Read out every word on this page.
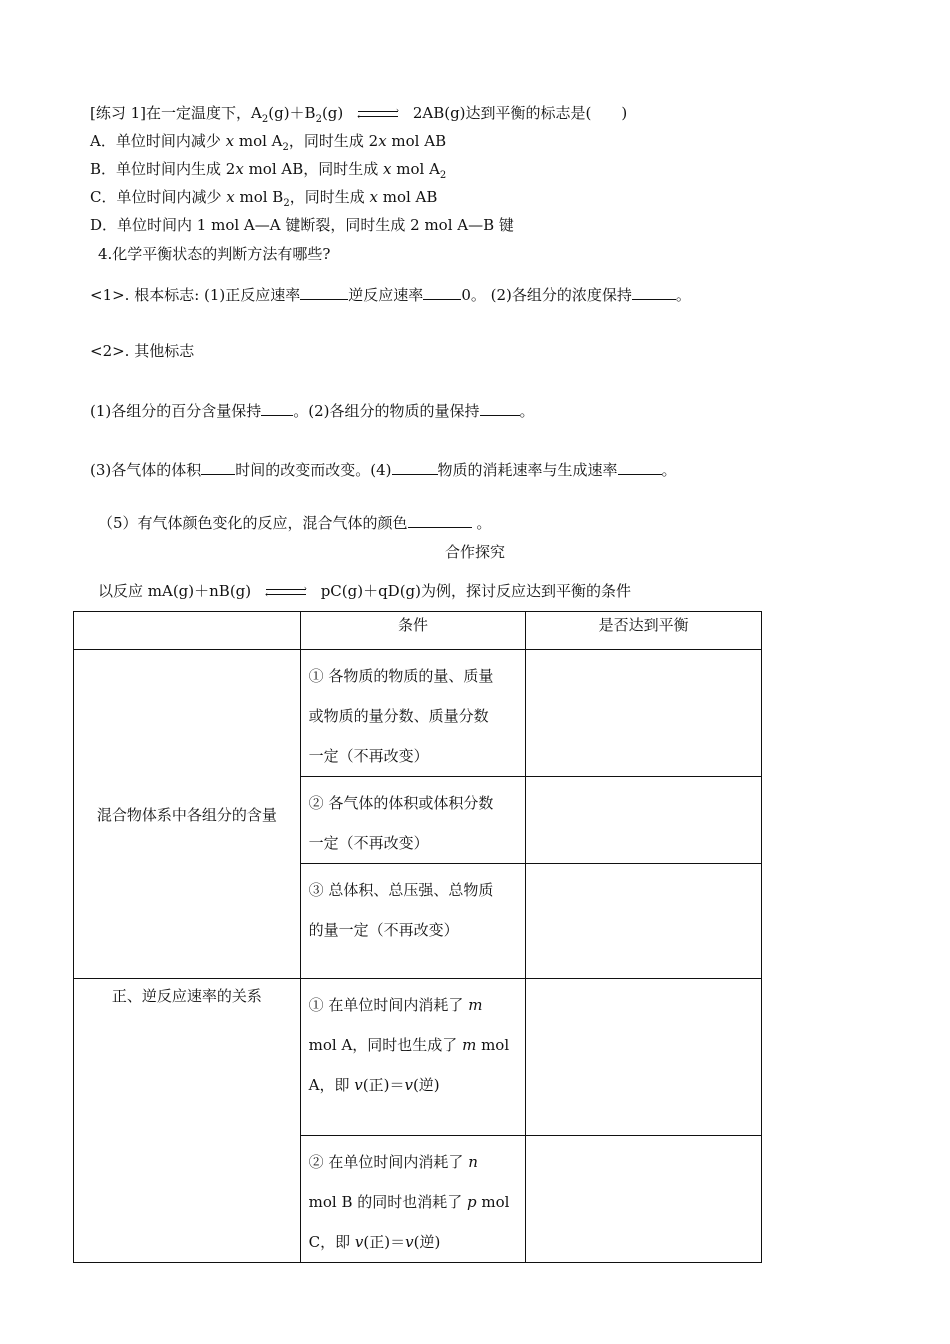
[练习 1]在一定温度下，$A_2(g)+B_2(g)$	›
‹	2AB(g)达到平衡的标志是(　　)
A．单位时间内减少 x mol $A_2$，同时生成 2x mol AB
B．单位时间内生成 2x mol AB，同时生成 x mol $A_2$
C．单位时间内减少 x mol $B_2$，同时生成 x mol AB
D．单位时间内 1 mol A—A 键断裂，同时生成 2 mol A—B 键
4.化学平衡状态的判断方法有哪些?
<1>. 根本标志: (1)正反应速率	逆反应速率	0。 (2)各组分的浓度保持	。
<2>. 其他标志
(1)各组分的百分含量保持 。(2)各组分的物质的量保持	。
(3)各气体的体积 时间的改变而改变。(4)	物质的消耗速率与生成速率	。
（5）有气体颜色变化的反应，混合气体的颜色	。
合作探究
以反应 mA(g)＋nB(g)	›
‹	pC(g)＋qD(g)为例，探讨反应达到平衡的条件
	条件	是否达到平衡
混合物体系中各组分的含量	① 各物质的物质的量、质量
或物质的量分数、质量分数
一定（不再改变）	

	② 各气体的体积或体积分数
一定（不再改变）	

	③ 总体积、总压强、总物质
的量一定（不再改变）	

正、逆反应速率的关系	① 在单位时间内消耗了 m
mol A，同时也生成了 m mol
A，即 v(正)＝v(逆)	

	② 在单位时间内消耗了 n
mol B 的同时也消耗了 p mol
C，即 v(正)＝v(逆)	
